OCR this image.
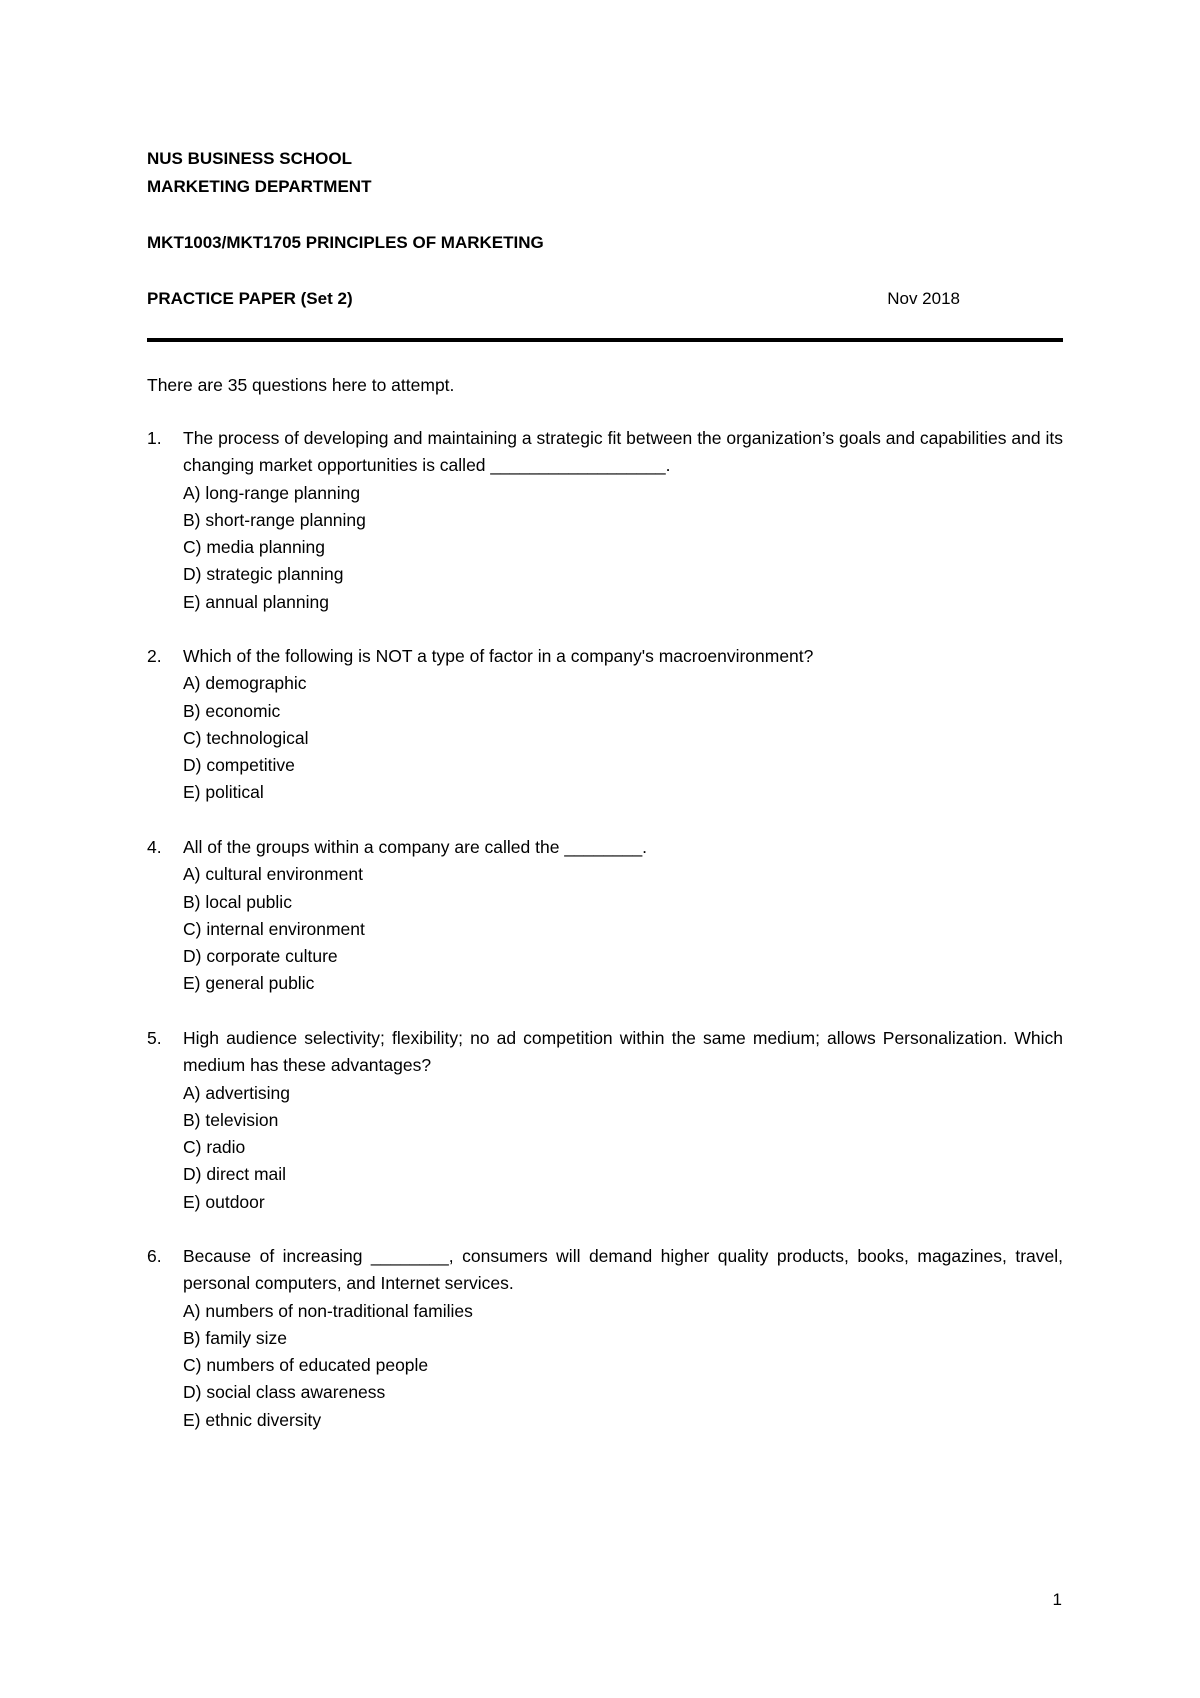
NUS BUSINESS SCHOOL
MARKETING DEPARTMENT
MKT1003/MKT1705 PRINCIPLES OF MARKETING
PRACTICE PAPER (Set 2)	Nov 2018
There are 35 questions here to attempt.
1.	The process of developing and maintaining a strategic fit between the organization’s goals and capabilities and its changing market opportunities is called __________________.

A) long-range planning

B) short-range planning

C) media planning

D) strategic planning

E) annual planning

2.	Which of the following is NOT a type of factor in a company's macroenvironment?

A) demographic

B) economic

C) technological

D) competitive

E) political

4.	All of the groups within a company are called the ________.

A) cultural environment

B) local public

C) internal environment

D) corporate culture

E) general public

5.	High audience selectivity; flexibility; no ad competition within the same medium; allows Personalization. Which medium has these advantages?

A) advertising

B) television

C) radio

D) direct mail

E) outdoor

6.	Because of increasing ________, consumers will demand higher quality products, books, magazines, travel, personal computers, and Internet services.

A) numbers of non-traditional families

B) family size

C) numbers of educated people

D) social class awareness

E) ethnic diversity

1
